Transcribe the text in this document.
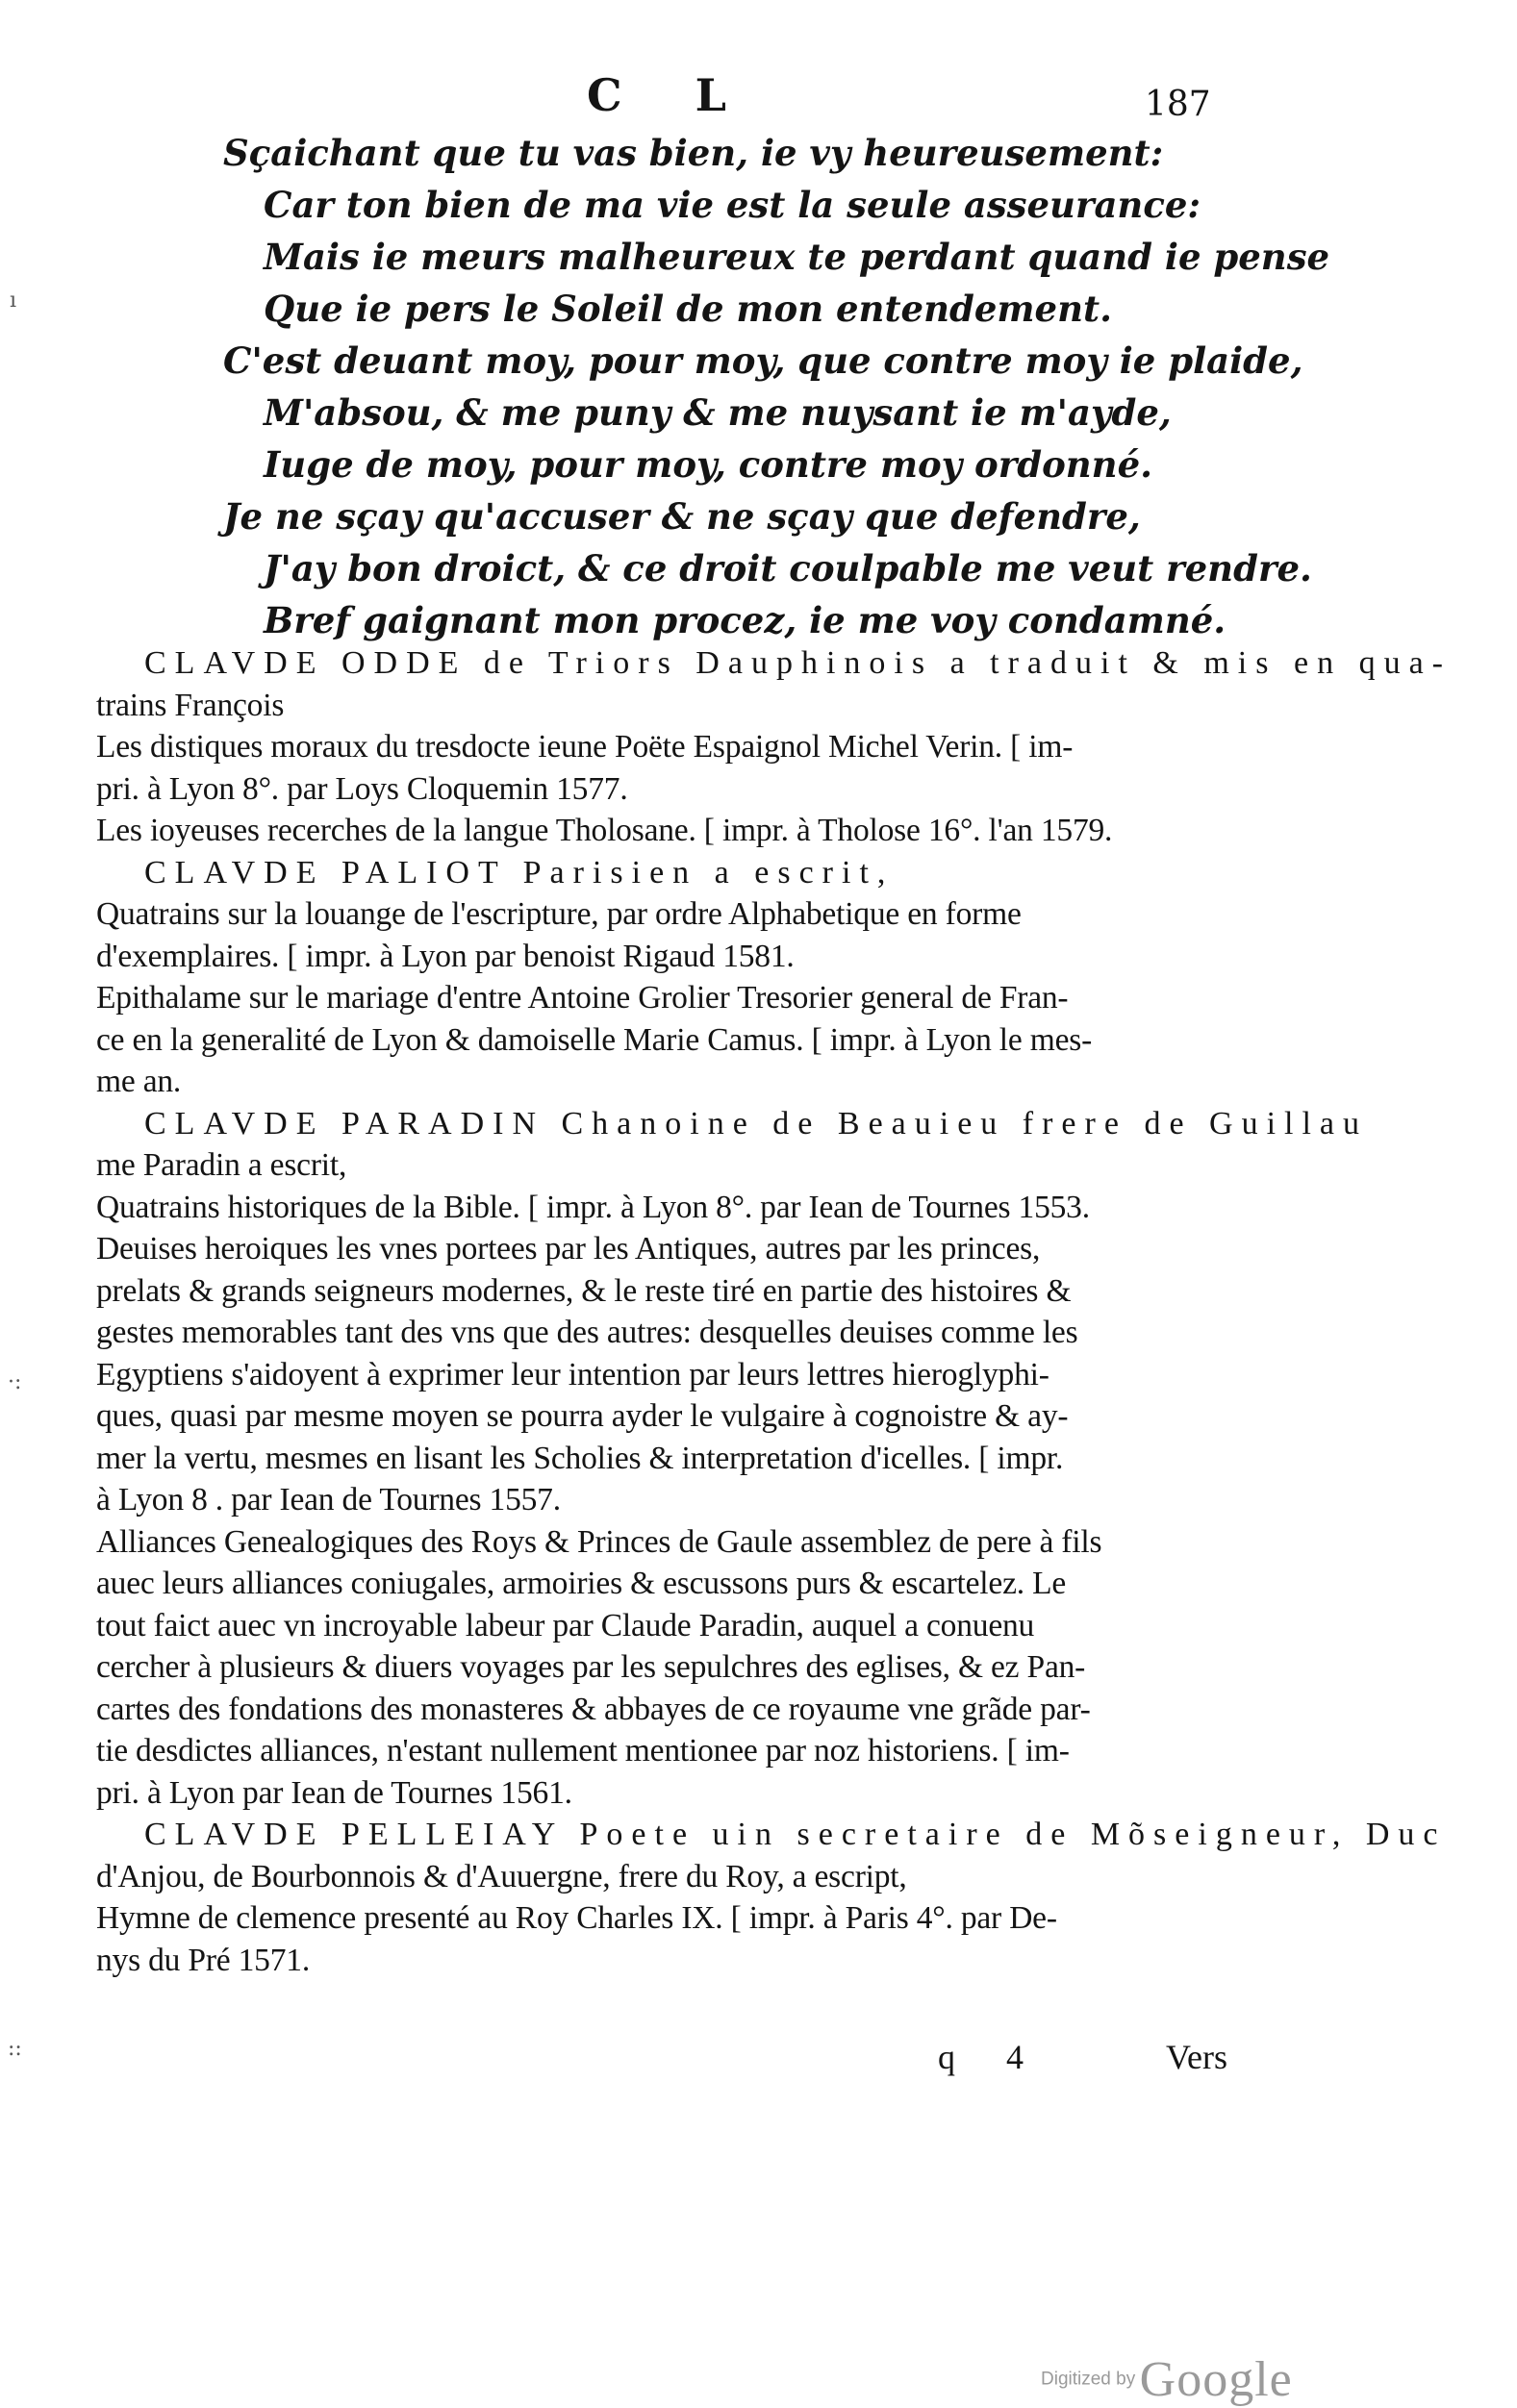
C L	187
ı
Sçaichant que tu vas bien, ie vy heureusement:
Car ton bien de ma vie est la seule asseurance:
Mais ie meurs malheureux te perdant quand ie pense
Que ie pers le Soleil de mon entendement.
C'est deuant moy, pour moy, que contre moy ie plaide,
M'absou, & me puny & me nuysant ie m'ayde,
Iuge de moy, pour moy, contre moy ordonné.
Je ne sçay qu'accuser & ne sçay que defendre,
J'ay bon droict, & ce droit coulpable me veut rendre.
Bref gaignant mon procez, ie me voy condamné.
CLAVDE ODDE de Triors Dauphinois a traduit & mis en qua-
trains François
Les distiques moraux du tresdocte ieune Poëte Espaignol Michel Verin. [ im-
pri. à Lyon 8°. par Loys Cloquemin 1577.
Les ioyeuses recerches de la langue Tholosane. [ impr. à Tholose 16°. l'an 1579.
CLAVDE PALIOT Parisien a escrit,
Quatrains sur la louange de l'escripture, par ordre Alphabetique en forme
d'exemplaires. [ impr. à Lyon par benoist Rigaud 1581.
Epithalame sur le mariage d'entre Antoine Grolier Tresorier general de Fran-
ce en la generalité de Lyon & damoiselle Marie Camus. [ impr. à Lyon le mes-
me an.
CLAVDE PARADIN Chanoine de Beauieu frere de Guillau
me Paradin a escrit,
Quatrains historiques de la Bible. [ impr. à Lyon 8°. par Iean de Tournes 1553.
Deuises heroiques les vnes portees par les Antiques, autres par les princes,
prelats & grands seigneurs modernes, & le reste tiré en partie des histoires &
gestes memorables tant des vns que des autres: desquelles deuises comme les
Egyptiens s'aidoyent à exprimer leur intention par leurs lettres hieroglyphi-
ques, quasi par mesme moyen se pourra ayder le vulgaire à cognoistre & ay-
mer la vertu, mesmes en lisant les Scholies & interpretation d'icelles. [ impr.
à Lyon 8 . par Iean de Tournes 1557.
Alliances Genealogiques des Roys & Princes de Gaule assemblez de pere à fils
auec leurs alliances coniugales, armoiries & escussons purs & escartelez. Le
tout faict auec vn incroyable labeur par Claude Paradin, auquel a conuenu
cercher à plusieurs & diuers voyages par les sepulchres des eglises, & ez Pan-
cartes des fondations des monasteres & abbayes de ce royaume vne grãde par-
tie desdictes alliances, n'estant nullement mentionee par noz historiens. [ im-
pri. à Lyon par Iean de Tournes 1561.
CLAVDE PELLEIAY Poete uin secretaire de Mõseigneur, Duc
d'Anjou, de Bourbonnois & d'Auuergne, frere du Roy, a escript,
Hymne de clemence presenté au Roy Charles IX. [ impr. à Paris 4°. par De-
nys du Pré 1571.
·:
::	q 4	Vers
Digitized by Google
